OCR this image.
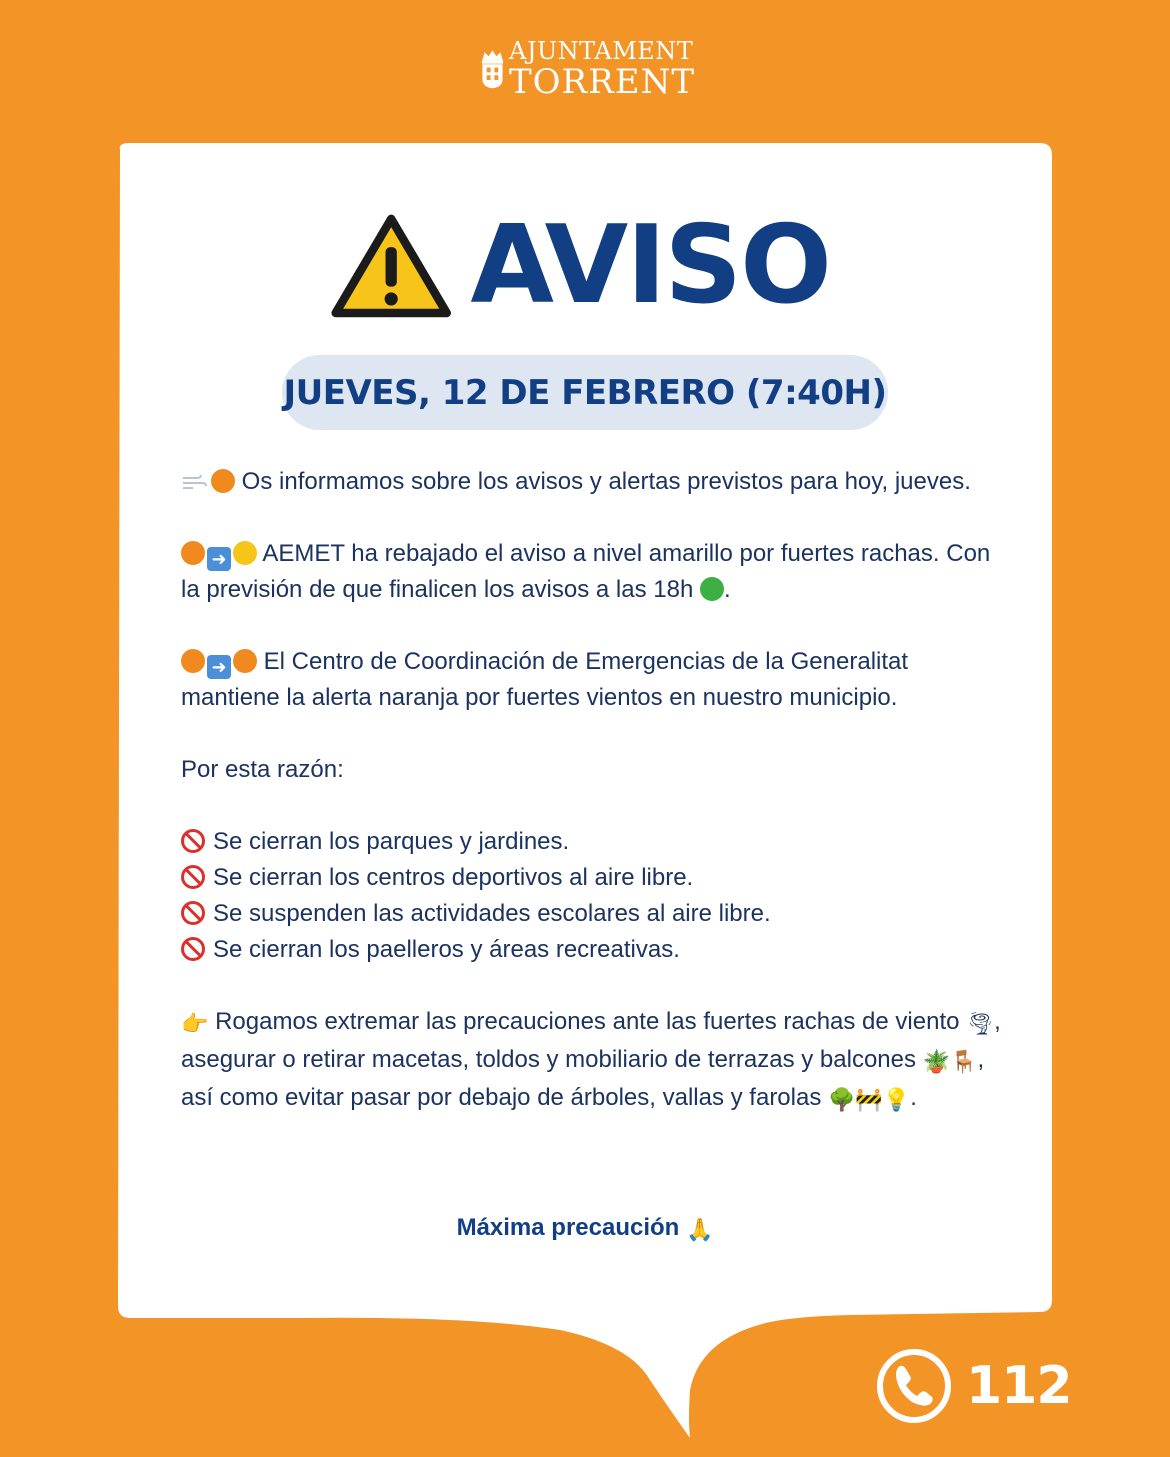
AJUNTAMENT
TORRENT
AVISO
JUEVES, 12 DE FEBRERO (7:40H)

Os informamos sobre los avisos y alertas previstos para hoy, jueves.

➜ AEMET ha rebajado el aviso a nivel amarillo por fuertes rachas. Con la previsión de que finalicen los avisos a las 18h .

➜ El Centro de Coordinación de Emergencias de la Generalitat mantiene la alerta naranja por fuertes vientos en nuestro municipio.

Por esta razón:

Se cierran los parques y jardines.
Se cierran los centros deportivos al aire libre.
Se suspenden las actividades escolares al aire libre.
Se cierran los paelleros y áreas recreativas.

👉 Rogamos extremar las precauciones ante las fuertes rachas de viento 🌪, asegurar o retirar macetas, toldos y mobiliario de terrazas y balcones 🪴🪑, así como evitar pasar por debajo de árboles, vallas y farolas 🌳🚧💡.

Máxima precaución 🙏
112
